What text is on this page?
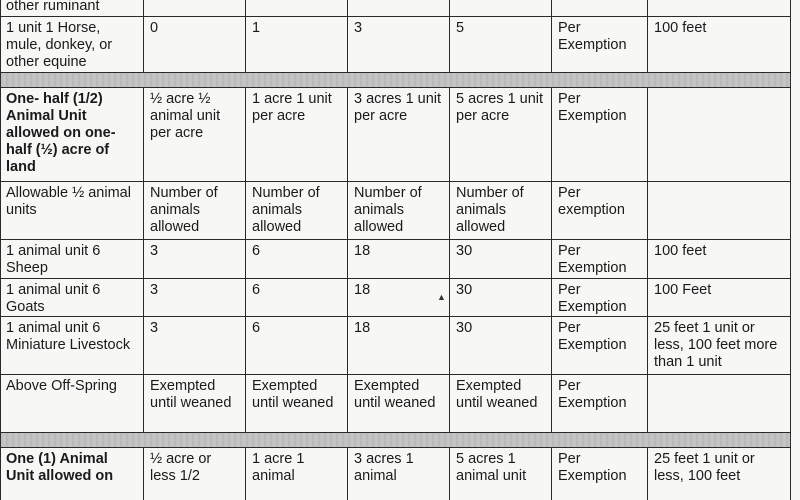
other ruminant						
1 unit 1 Horse, mule, donkey, or other equine	0	1	3	5	Per Exemption	100 feet

One- half (1/2) Animal Unit allowed on one-half (½) acre of land	½ acre ½ animal unit per acre	1 acre 1 unit per acre	3 acres 1 unit per acre	5 acres 1 unit per acre	Per Exemption	
Allowable ½ animal units	Number of animals allowed	Number of animals allowed	Number of animals allowed	Number of animals allowed	Per exemption	
1 animal unit 6 Sheep	3	6	18	30	Per Exemption	100 feet
1 animal unit 6 Goats	3	6	18	30	Per Exemption	100 Feet
1 animal unit 6 Miniature Livestock	3	6	18	30	Per Exemption	25 feet 1 unit or less, 100 feet more than 1 unit
Above Off-Spring	Exempted until weaned	Exempted until weaned	Exempted until weaned	Exempted until weaned	Per Exemption	

One (1) Animal Unit allowed on	½ acre or less 1/2	1 acre 1 animal	3 acres 1 animal	5 acres 1 animal unit	Per Exemption	25 feet 1 unit or less, 100 feet
▲
